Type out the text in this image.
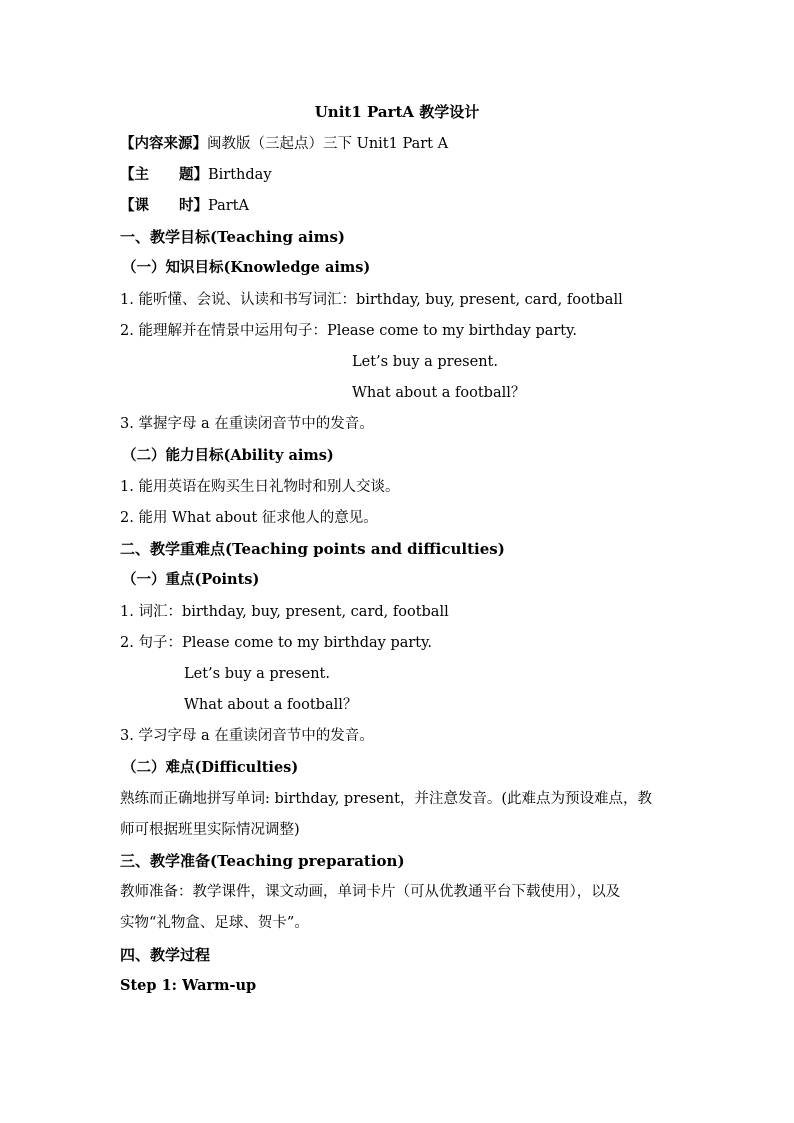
Unit1 PartA 教学设计
【内容来源】闽教版（三起点）三下 Unit1 Part A
【主 题】Birthday
【课 时】PartA
一、教学目标(Teaching aims)
（一）知识目标(Knowledge aims)
1. 能听懂、会说、认读和书写词汇：birthday, buy, present, card, football
2. 能理解并在情景中运用句子：Please come to my birthday party.
Let’s buy a present.
What about a football？
3. 掌握字母 a 在重读闭音节中的发音。
（二）能力目标(Ability aims)
1. 能用英语在购买生日礼物时和别人交谈。
2. 能用 What about 征求他人的意见。
二、教学重难点(Teaching points and difficulties)
（一）重点(Points)
1. 词汇：birthday, buy, present, card, football
2. 句子：Please come to my birthday party.
Let’s buy a present.
What about a football？
3. 学习字母 a 在重读闭音节中的发音。
（二）难点(Difficulties)
熟练而正确地拼写单词: birthday, present，并注意发音。(此难点为预设难点，教
师可根据班里实际情况调整)
三、教学准备(Teaching preparation)
教师准备：教学课件，课文动画，单词卡片（可从优教通平台下载使用），以及
实物“礼物盒、足球、贺卡”。
四、教学过程
Step 1: Warm-up
